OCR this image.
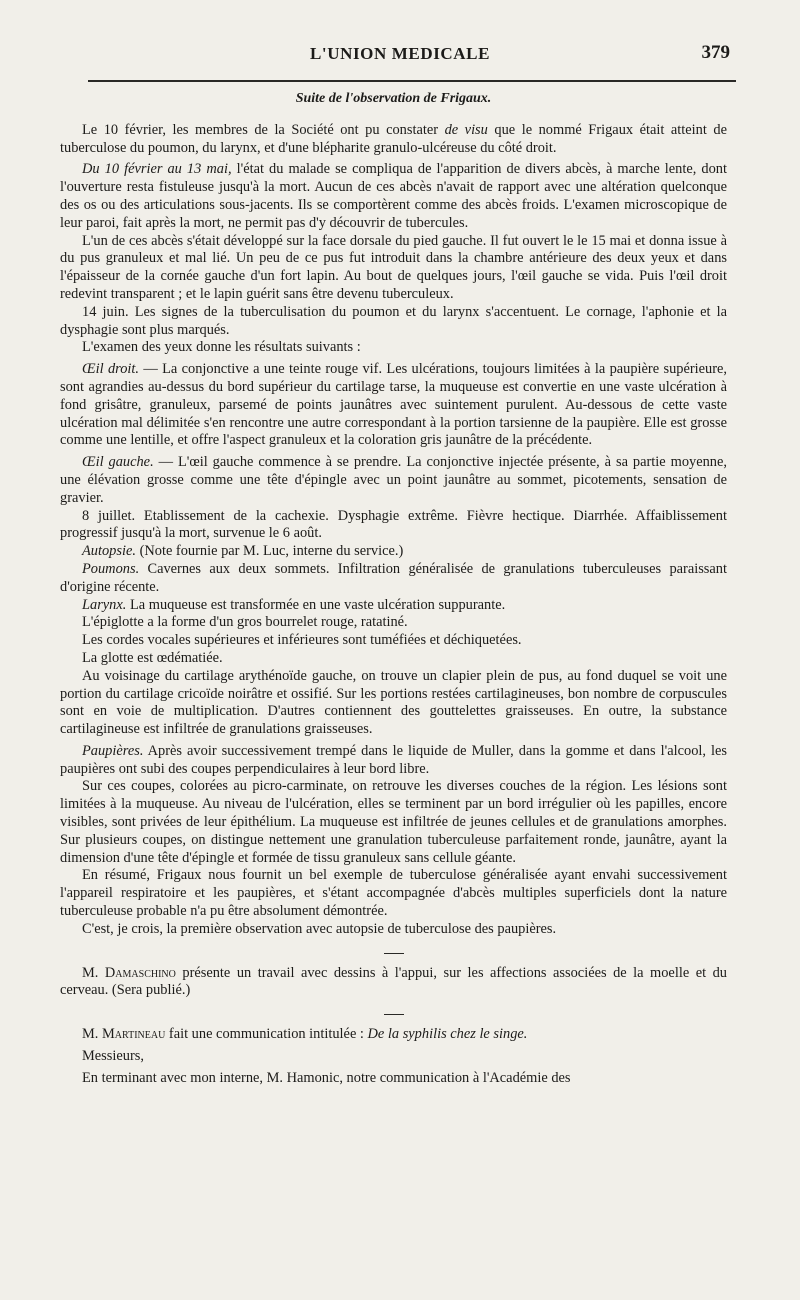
L'UNION MEDICALE	379

Suite de l'observation de Frigaux.

Le 10 février, les membres de la Société ont pu constater de visu que le nommé Frigaux était atteint de tuberculose du poumon, du larynx, et d'une blépharite granulo-ulcéreuse du côté droit.

Du 10 février au 13 mai, l'état du malade se compliqua de l'apparition de divers abcès, à marche lente, dont l'ouverture resta fistuleuse jusqu'à la mort. Aucun de ces abcès n'avait de rapport avec une altération quelconque des os ou des articulations sous-jacents. Ils se comportèrent comme des abcès froids. L'examen microscopique de leur paroi, fait après la mort, ne permit pas d'y découvrir de tubercules.

L'un de ces abcès s'était développé sur la face dorsale du pied gauche. Il fut ouvert le le 15 mai et donna issue à du pus granuleux et mal lié. Un peu de ce pus fut introduit dans la chambre antérieure des deux yeux et dans l'épaisseur de la cornée gauche d'un fort lapin. Au bout de quelques jours, l'œil gauche se vida. Puis l'œil droit redevint transparent ; et le lapin guérit sans être devenu tuberculeux.

14 juin. Les signes de la tuberculisation du poumon et du larynx s'accentuent. Le cornage, l'aphonie et la dysphagie sont plus marqués.

L'examen des yeux donne les résultats suivants :

Œil droit. — La conjonctive a une teinte rouge vif. Les ulcérations, toujours limitées à la paupière supérieure, sont agrandies au-dessus du bord supérieur du cartilage tarse, la muqueuse est convertie en une vaste ulcération à fond grisâtre, granuleux, parsemé de points jaunâtres avec suintement purulent. Au-dessous de cette vaste ulcération mal délimitée s'en rencontre une autre correspondant à la portion tarsienne de la paupière. Elle est grosse comme une lentille, et offre l'aspect granuleux et la coloration gris jaunâtre de la précédente.

Œil gauche. — L'œil gauche commence à se prendre. La conjonctive injectée présente, à sa partie moyenne, une élévation grosse comme une tête d'épingle avec un point jaunâtre au sommet, picotements, sensation de gravier.

8 juillet. Etablissement de la cachexie. Dysphagie extrême. Fièvre hectique. Diarrhée. Affaiblissement progressif jusqu'à la mort, survenue le 6 août.

Autopsie. (Note fournie par M. Luc, interne du service.)

Poumons. Cavernes aux deux sommets. Infiltration généralisée de granulations tuberculeuses paraissant d'origine récente.

Larynx. La muqueuse est transformée en une vaste ulcération suppurante.

L'épiglotte a la forme d'un gros bourrelet rouge, ratatiné.

Les cordes vocales supérieures et inférieures sont tuméfiées et déchiquetées.

La glotte est œdématiée.

Au voisinage du cartilage arythénoïde gauche, on trouve un clapier plein de pus, au fond duquel se voit une portion du cartilage cricoïde noirâtre et ossifié. Sur les portions restées cartilagineuses, bon nombre de corpuscules sont en voie de multiplication. D'autres contiennent des gouttelettes graisseuses. En outre, la substance cartilagineuse est infiltrée de granulations graisseuses.

Paupières. Après avoir successivement trempé dans le liquide de Muller, dans la gomme et dans l'alcool, les paupières ont subi des coupes perpendiculaires à leur bord libre.

Sur ces coupes, colorées au picro-carminate, on retrouve les diverses couches de la région. Les lésions sont limitées à la muqueuse. Au niveau de l'ulcération, elles se terminent par un bord irrégulier où les papilles, encore visibles, sont privées de leur épithélium. La muqueuse est infiltrée de jeunes cellules et de granulations amorphes. Sur plusieurs coupes, on distingue nettement une granulation tuberculeuse parfaitement ronde, jaunâtre, ayant la dimension d'une tête d'épingle et formée de tissu granuleux sans cellule géante.

En résumé, Frigaux nous fournit un bel exemple de tuberculose généralisée ayant envahi successivement l'appareil respiratoire et les paupières, et s'étant accompagnée d'abcès multiples superficiels dont la nature tuberculeuse probable n'a pu être absolument démontrée.

C'est, je crois, la première observation avec autopsie de tuberculose des paupières.

M. Damaschino présente un travail avec dessins à l'appui, sur les affections associées de la moelle et du cerveau. (Sera publié.)

M. Martineau fait une communication intitulée : De la syphilis chez le singe.

Messieurs,

En terminant avec mon interne, M. Hamonic, notre communication à l'Académie des
